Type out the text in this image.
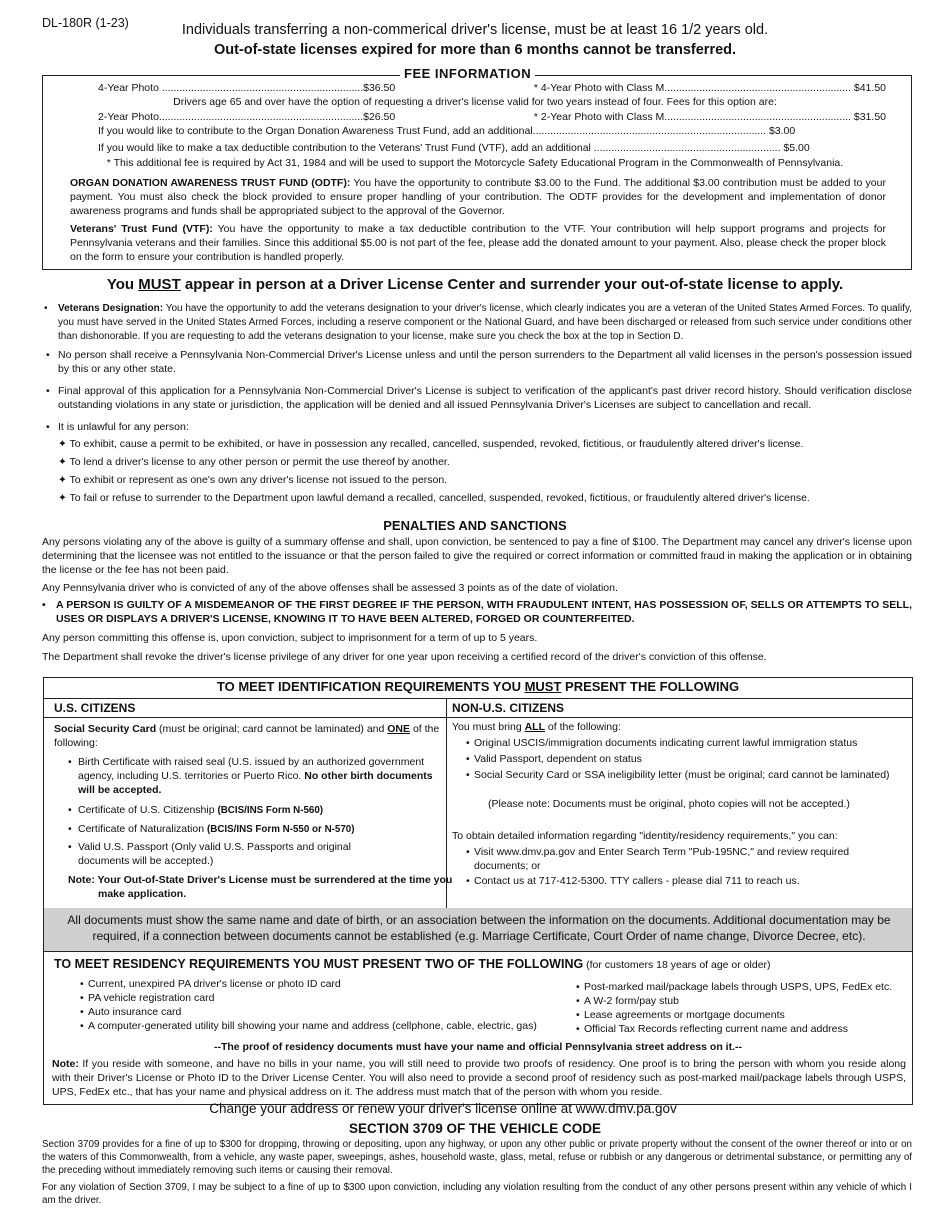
DL-180R (1-23)	Individuals transferring a non-commerical driver's license, must be at least 16 1/2 years old.
Out-of-state licenses expired for more than 6 months cannot be transferred.
FEE INFORMATION
4-Year Photo .....................................................................$36.50	* 4-Year Photo with Class M................................................................ $41.50
Drivers age 65 and over have the option of requesting a driver's license valid for two years instead of four. Fees for this option are:
2-Year Photo......................................................................$26.50	* 2-Year Photo with Class M................................................................ $31.50
If you would like to contribute to the Organ Donation Awareness Trust Fund, add an additional................................................................................ $3.00
If you would like to make a tax deductible contribution to the Veterans' Trust Fund (VTF), add an additional ................................................................ $5.00
* This additional fee is required by Act 31, 1984 and will be used to support the Motorcycle Safety Educational Program in the Commonwealth of Pennsylvania.
ORGAN DONATION AWARENESS TRUST FUND (ODTF): You have the opportunity to contribute $3.00 to the Fund. The additional $3.00 contribution must be added to your payment. You must also check the block provided to ensure proper handling of your contribution. The ODTF provides for the development and implementation of donor awareness programs and funds shall be appropriated subject to the approval of the Governor.
Veterans' Trust Fund (VTF): You have the opportunity to make a tax deductible contribution to the VTF. Your contribution will help support programs and projects for Pennsylvania veterans and their families. Since this additional $5.00 is not part of the fee, please add the donated amount to your payment. Also, please check the proper block on the form to ensure your contribution is handled properly.
You MUST appear in person at a Driver License Center and surrender your out-of-state license to apply.
• Veterans Designation: You have the opportunity to add the veterans designation to your driver's license, which clearly indicates you are a veteran of the United States Armed Forces. To qualify, you must have served in the United States Armed Forces, including a reserve component or the National Guard, and have been discharged or released from such service under conditions other than dishonorable. If you are requesting to add the veterans designation to your license, make sure you check the box at the top in Section D.
• No person shall receive a Pennsylvania Non-Commercial Driver's License unless and until the person surrenders to the Department all valid licenses in the person's possession issued by this or any other state.
• Final approval of this application for a Pennsylvania Non-Commercial Driver's License is subject to verification of the applicant's past driver record history. Should verification disclose outstanding violations in any state or jurisdiction, the application will be denied and all issued Pennsylvania Driver's Licenses are subject to cancellation and recall.
• It is unlawful for any person:
✦ To exhibit, cause a permit to be exhibited, or have in possession any recalled, cancelled, suspended, revoked, fictitious, or fraudulently altered driver's license.
✦ To lend a driver's license to any other person or permit the use thereof by another.
✦ To exhibit or represent as one's own any driver's license not issued to the person.
✦ To fail or refuse to surrender to the Department upon lawful demand a recalled, cancelled, suspended, revoked, fictitious, or fraudulently altered driver's license.
PENALTIES AND SANCTIONS
Any persons violating any of the above is guilty of a summary offense and shall, upon conviction, be sentenced to pay a fine of $100. The Department may cancel any driver's license upon determining that the licensee was not entitled to the issuance or that the person failed to give the required or correct information or committed fraud in making the application or in obtaining the license or the fee has not been paid.
Any Pennsylvania driver who is convicted of any of the above offenses shall be assessed 3 points as of the date of violation.
• A PERSON IS GUILTY OF A MISDEMEANOR OF THE FIRST DEGREE IF THE PERSON, WITH FRAUDULENT INTENT, HAS POSSESSION OF, SELLS OR ATTEMPTS TO SELL, USES OR DISPLAYS A DRIVER'S LICENSE, KNOWING IT TO HAVE BEEN ALTERED, FORGED OR COUNTERFEITED.
Any person committing this offense is, upon conviction, subject to imprisonment for a term of up to 5 years.
The Department shall revoke the driver's license privilege of any driver for one year upon receiving a certified record of the driver's conviction of this offense.
TO MEET IDENTIFICATION REQUIREMENTS YOU MUST PRESENT THE FOLLOWING
U.S. CITIZENS	NON-U.S. CITIZENS
Social Security Card (must be original; card cannot be laminated) and ONE of the following:
• Birth Certificate with raised seal (U.S. issued by an authorized government agency, including U.S. territories or Puerto Rico. No other birth documents will be accepted.
• Certificate of U.S. Citizenship (BCIS/INS Form N-560)
• Certificate of Naturalization (BCIS/INS Form N-550 or N-570)
• Valid U.S. Passport (Only valid U.S. Passports and original documents will be accepted.)
Note: Your Out-of-State Driver's License must be surrendered at the time you make application.
You must bring ALL of the following:
• Original USCIS/immigration documents indicating current lawful immigration status
• Valid Passport, dependent on status
• Social Security Card or SSA ineligibility letter (must be original; card cannot be laminated)
(Please note: Documents must be original, photo copies will not be accepted.)
To obtain detailed information regarding "identity/residency requirements," you can:
• Visit www.dmv.pa.gov and Enter Search Term "Pub-195NC," and review required documents; or
• Contact us at 717-412-5300. TTY callers - please dial 711 to reach us.
All documents must show the same name and date of birth, or an association between the information on the documents. Additional documentation may be required, if a connection between documents cannot be established (e.g. Marriage Certificate, Court Order of name change, Divorce Decree, etc).
TO MEET RESIDENCY REQUIREMENTS YOU MUST PRESENT TWO OF THE FOLLOWING (for customers 18 years of age or older)
• Current, unexpired PA driver's license or photo ID card
• PA vehicle registration card
• Auto insurance card
• A computer-generated utility bill showing your name and address (cellphone, cable, electric, gas)
• Post-marked mail/package labels through USPS, UPS, FedEx etc.
• A W-2 form/pay stub
• Lease agreements or mortgage documents
• Official Tax Records reflecting current name and address
--The proof of residency documents must have your name and official Pennsylvania street address on it.--
Note: If you reside with someone, and have no bills in your name, you will still need to provide two proofs of residency. One proof is to bring the person with whom you reside along with their Driver's License or Photo ID to the Driver License Center. You will also need to provide a second proof of residency such as post-marked mail/package labels through USPS, UPS, FedEx etc., that has your name and physical address on it. The address must match that of the person with whom you reside.
Change your address or renew your driver's license online at www.dmv.pa.gov
SECTION 3709 OF THE VEHICLE CODE
Section 3709 provides for a fine of up to $300 for dropping, throwing or depositing, upon any highway, or upon any other public or private property without the consent of the owner thereof or into or on the waters of this Commonwealth, from a vehicle, any waste paper, sweepings, ashes, household waste, glass, metal, refuse or rubbish or any dangerous or detrimental substance, or permitting any of the preceding without immediately removing such items or causing their removal.
For any violation of Section 3709, I may be subject to a fine of up to $300 upon conviction, including any violation resulting from the conduct of any other persons present within any vehicle of which I am the driver.
